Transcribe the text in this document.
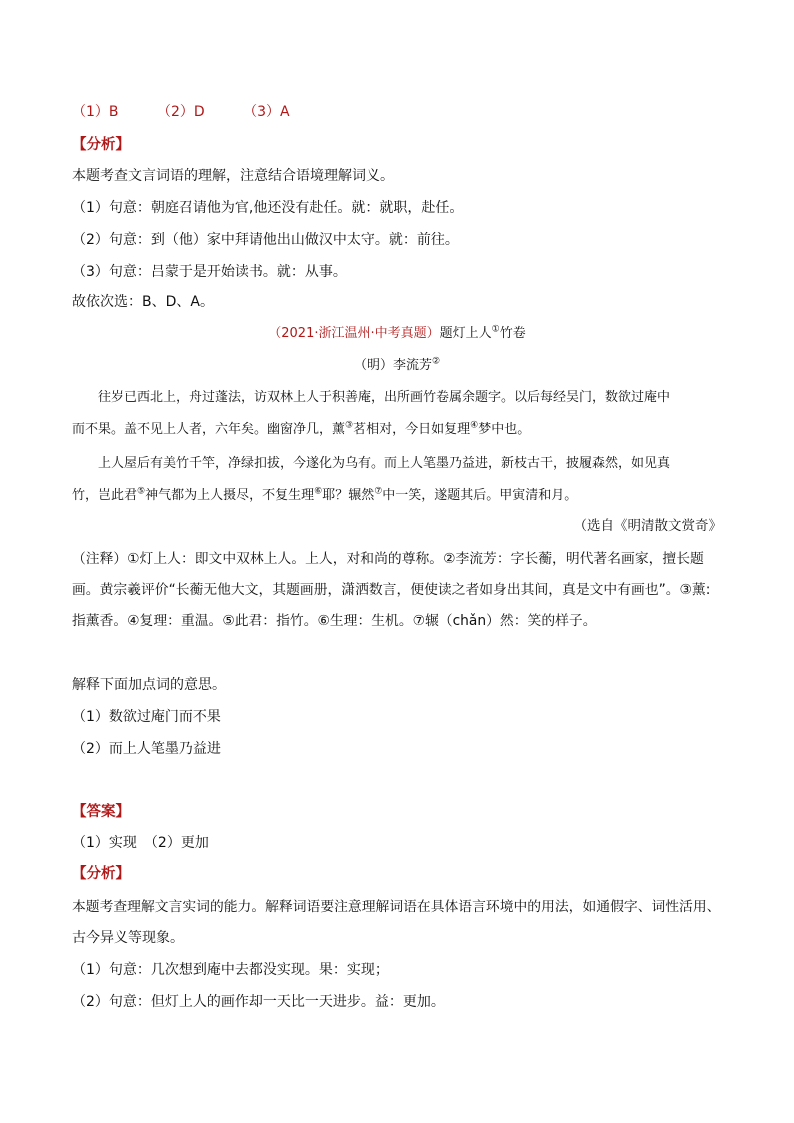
（1）B	（2）D	（3）A
【分析】
本题考查文言词语的理解，注意结合语境理解词义。
（1）句意：朝庭召请他为官,他还没有赴任。就：就职，赴任。
（2）句意：到（他）家中拜请他出山做汉中太守。就：前往。
（3）句意：吕蒙于是开始读书。就：从事。
故依次选：B、D、A。
（2021·浙江温州·中考真题）题灯上人①竹卷
（明）李流芳②
往岁已西北上，舟过蓬法，访双林上人于积善庵，出所画竹卷属余题字。以后每经吴门，数欲过庵中
而不果。盖不见上人者，六年矣。幽窗净几，薰③茗相对，今日如复理④梦中也。
上人屋后有美竹千竿，净绿扣拔，今遂化为乌有。而上人笔墨乃益进，新枝古干，披履森然，如见真
竹，岂此君⑤神气都为上人摄尽，不复生理⑥耶？辗然⑦中一笑，遂题其后。甲寅清和月。
（选自《明清散文赏奇》
（注释）①灯上人：即文中双林上人。上人，对和尚的尊称。②李流芳：字长蘅，明代著名画家，擅长题
画。黄宗羲评价“长蘅无他大文，其题画册，潇洒数言，便使读之者如身出其间，真是文中有画也”。③薰:
指薰香。④复理：重温。⑤此君：指竹。⑥生理：生机。⑦辗（chǎn）然：笑的样子。
解释下面加点词的意思。
（1）数欲过庵门而不果
（2）而上人笔墨乃益进
【答案】
（1）实现　（2）更加
【分析】
本题考查理解文言实词的能力。解释词语要注意理解词语在具体语言环境中的用法，如通假字、词性活用、
古今异义等现象。
（1）句意：几次想到庵中去都没实现。果：实现；
（2）句意：但灯上人的画作却一天比一天进步。益：更加。
